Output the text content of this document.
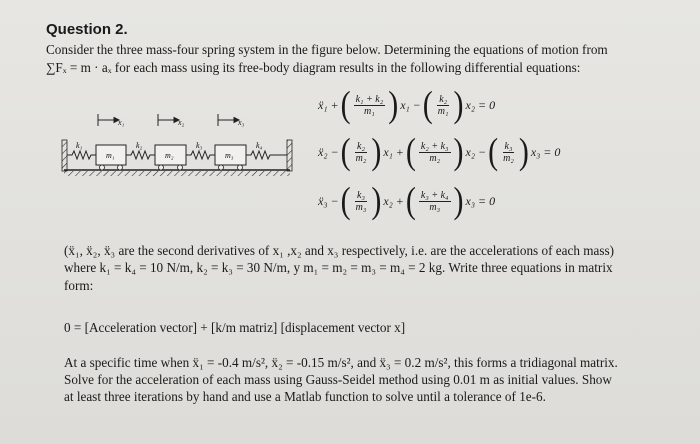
Question 2.
Consider the three mass-four spring system in the figure below. Determining the equations of motion from
∑Fₓ = m · aₓ for each mass using its free-body diagram results in the following differential equations:
ẍ₁ + ( $\frac{\text{k₁ + k₂}}{\text{m₁}}$ ) x₁ − ( $\frac{\text{k₂}}{\text{m₁}}$ ) x₂ = 0
ẍ₂ − ( $\frac{\text{k₂}}{\text{m₂}}$ ) x₁ + ( $\frac{\text{k₂ + k₃}}{\text{m₂}}$ ) x₂ − ( $\frac{\text{k₃}}{\text{m₂}}$ ) x₃ = 0
ẍ₃ − ( $\frac{\text{k₃}}{\text{m₃}}$ ) x₂ + ( $\frac{\text{k₃ + k₄}}{\text{m₃}}$ ) x₃ = 0
x₁	x₂	x₃
k₁	k₂	k₃	k₄
m₁	m₂	m₃
(ẍ₁, ẍ₂, ẍ₃ are the second derivatives of x₁ ,x₂ and x₃ respectively, i.e. are the accelerations of each mass)
where k₁ = k₄ = 10 N/m, k₂ = k₃ = 30 N/m, y m₁ = m₂ = m₃ = m₄ = 2 kg. Write three equations in matrix
form:
0 = [Acceleration vector] + [k/m matriz] [displacement vector x]
At a specific time when ẍ₁ = -0.4 m/s², ẍ₂ = -0.15 m/s², and ẍ₃ = 0.2 m/s², this forms a tridiagonal matrix.
Solve for the acceleration of each mass using Gauss-Seidel method using 0.01 m as initial values. Show
at least three iterations by hand and use a Matlab function to solve until a tolerance of 1e-6.
